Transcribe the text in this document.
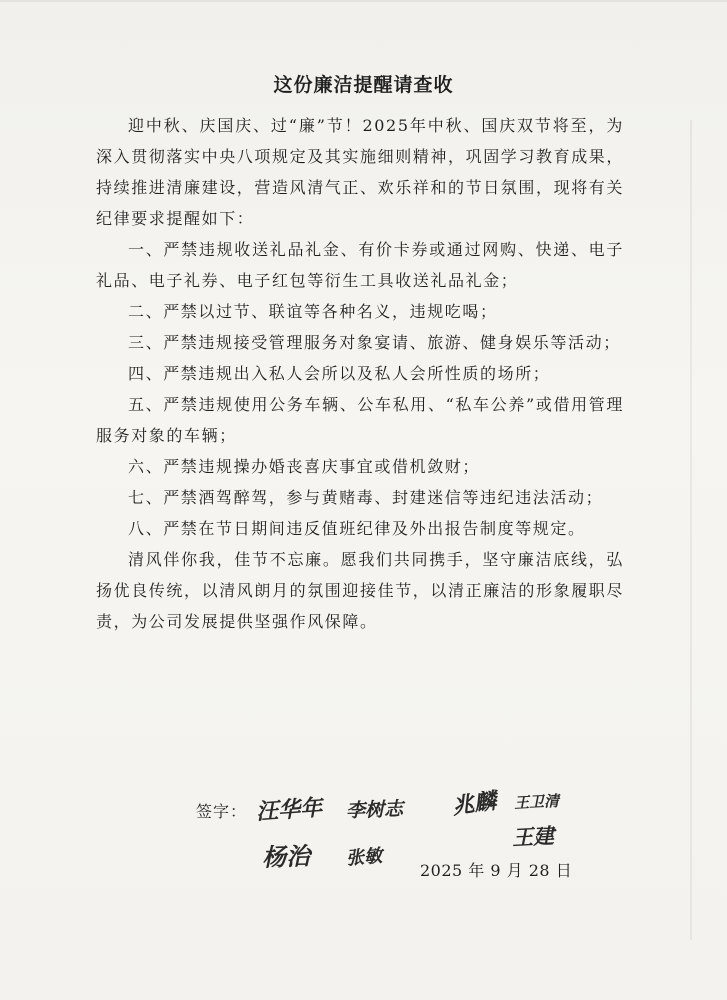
这份廉洁提醒请查收

迎中秋、庆国庆、过“廉”节！2025年中秋、国庆双节将至，为深入贯彻落实中央八项规定及其实施细则精神，巩固学习教育成果，持续推进清廉建设，营造风清气正、欢乐祥和的节日氛围，现将有关纪律要求提醒如下：

一、严禁违规收送礼品礼金、有价卡券或通过网购、快递、电子礼品、电子礼券、电子红包等衍生工具收送礼品礼金；

二、严禁以过节、联谊等各种名义，违规吃喝；

三、严禁违规接受管理服务对象宴请、旅游、健身娱乐等活动；

四、严禁违规出入私人会所以及私人会所性质的场所；

五、严禁违规使用公务车辆、公车私用、“私车公养”或借用管理服务对象的车辆；

六、严禁违规操办婚丧喜庆事宜或借机敛财；

七、严禁酒驾醉驾，参与黄赌毒、封建迷信等违纪违法活动；

八、严禁在节日期间违反值班纪律及外出报告制度等规定。

清风伴你我，佳节不忘廉。愿我们共同携手，坚守廉洁底线，弘扬优良传统，以清风朗月的氛围迎接佳节，以清正廉洁的形象履职尽责，为公司发展提供坚强作风保障。

签字： 汪华年 李树志 兆麟 王卫清
杨治 张敏
王建
2025 年 9 月 28 日
